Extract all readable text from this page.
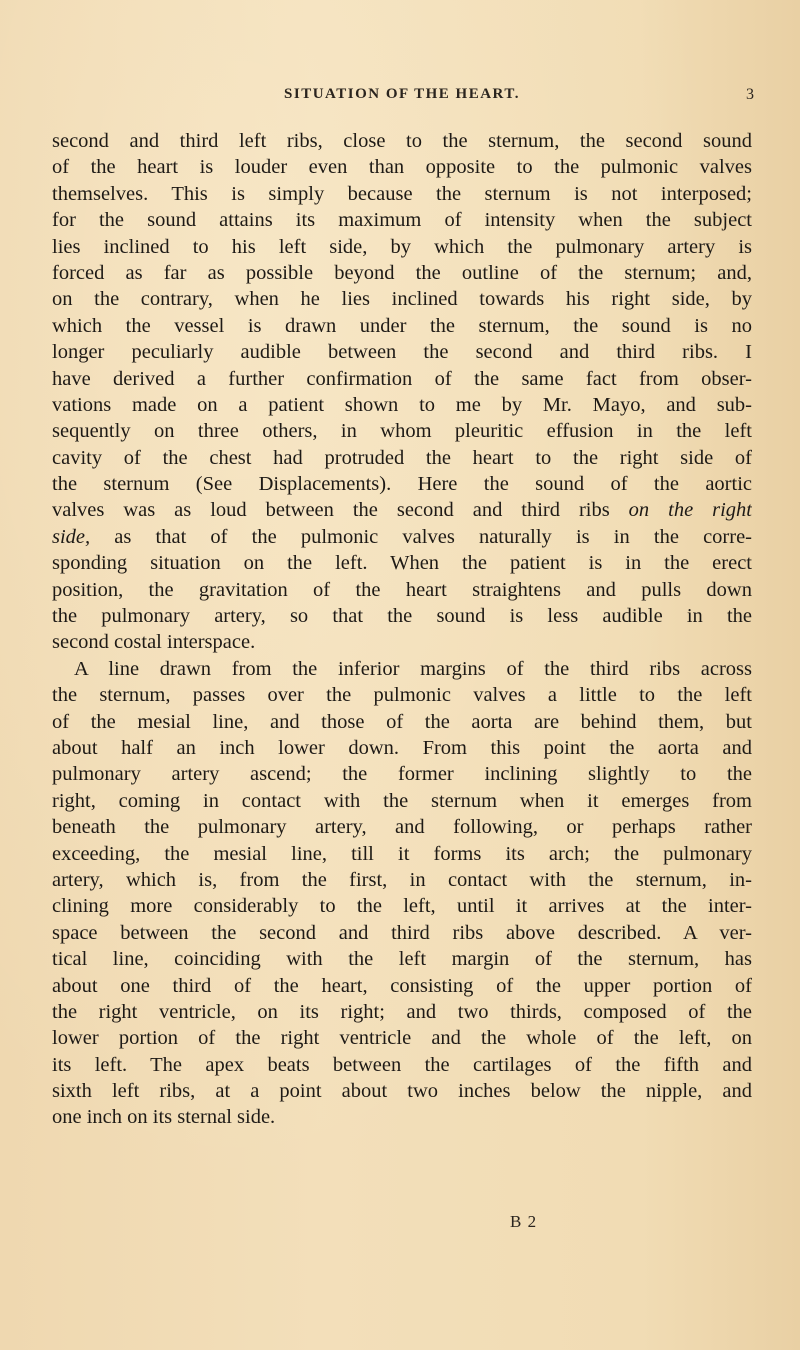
SITUATION OF THE HEART.	3
second and third left ribs, close to the sternum, the second sound
of the heart is louder even than opposite to the pulmonic valves
themselves. This is simply because the sternum is not interposed;
for the sound attains its maximum of intensity when the subject
lies inclined to his left side, by which the pulmonary artery is
forced as far as possible beyond the outline of the sternum; and,
on the contrary, when he lies inclined towards his right side, by
which the vessel is drawn under the sternum, the sound is no
longer peculiarly audible between the second and third ribs. I
have derived a further confirmation of the same fact from obser-
vations made on a patient shown to me by Mr. Mayo, and sub-
sequently on three others, in whom pleuritic effusion in the left
cavity of the chest had protruded the heart to the right side of
the sternum (See Displacements). Here the sound of the aortic
valves was as loud between the second and third ribs on the right
side, as that of the pulmonic valves naturally is in the corre-
sponding situation on the left. When the patient is in the erect
position, the gravitation of the heart straightens and pulls down
the pulmonary artery, so that the sound is less audible in the
second costal interspace.
A line drawn from the inferior margins of the third ribs across
the sternum, passes over the pulmonic valves a little to the left
of the mesial line, and those of the aorta are behind them, but
about half an inch lower down. From this point the aorta and
pulmonary artery ascend; the former inclining slightly to the
right, coming in contact with the sternum when it emerges from
beneath the pulmonary artery, and following, or perhaps rather
exceeding, the mesial line, till it forms its arch; the pulmonary
artery, which is, from the first, in contact with the sternum, in-
clining more considerably to the left, until it arrives at the inter-
space between the second and third ribs above described. A ver-
tical line, coinciding with the left margin of the sternum, has
about one third of the heart, consisting of the upper portion of
the right ventricle, on its right; and two thirds, composed of the
lower portion of the right ventricle and the whole of the left, on
its left. The apex beats between the cartilages of the fifth and
sixth left ribs, at a point about two inches below the nipple, and
one inch on its sternal side.
B 2
